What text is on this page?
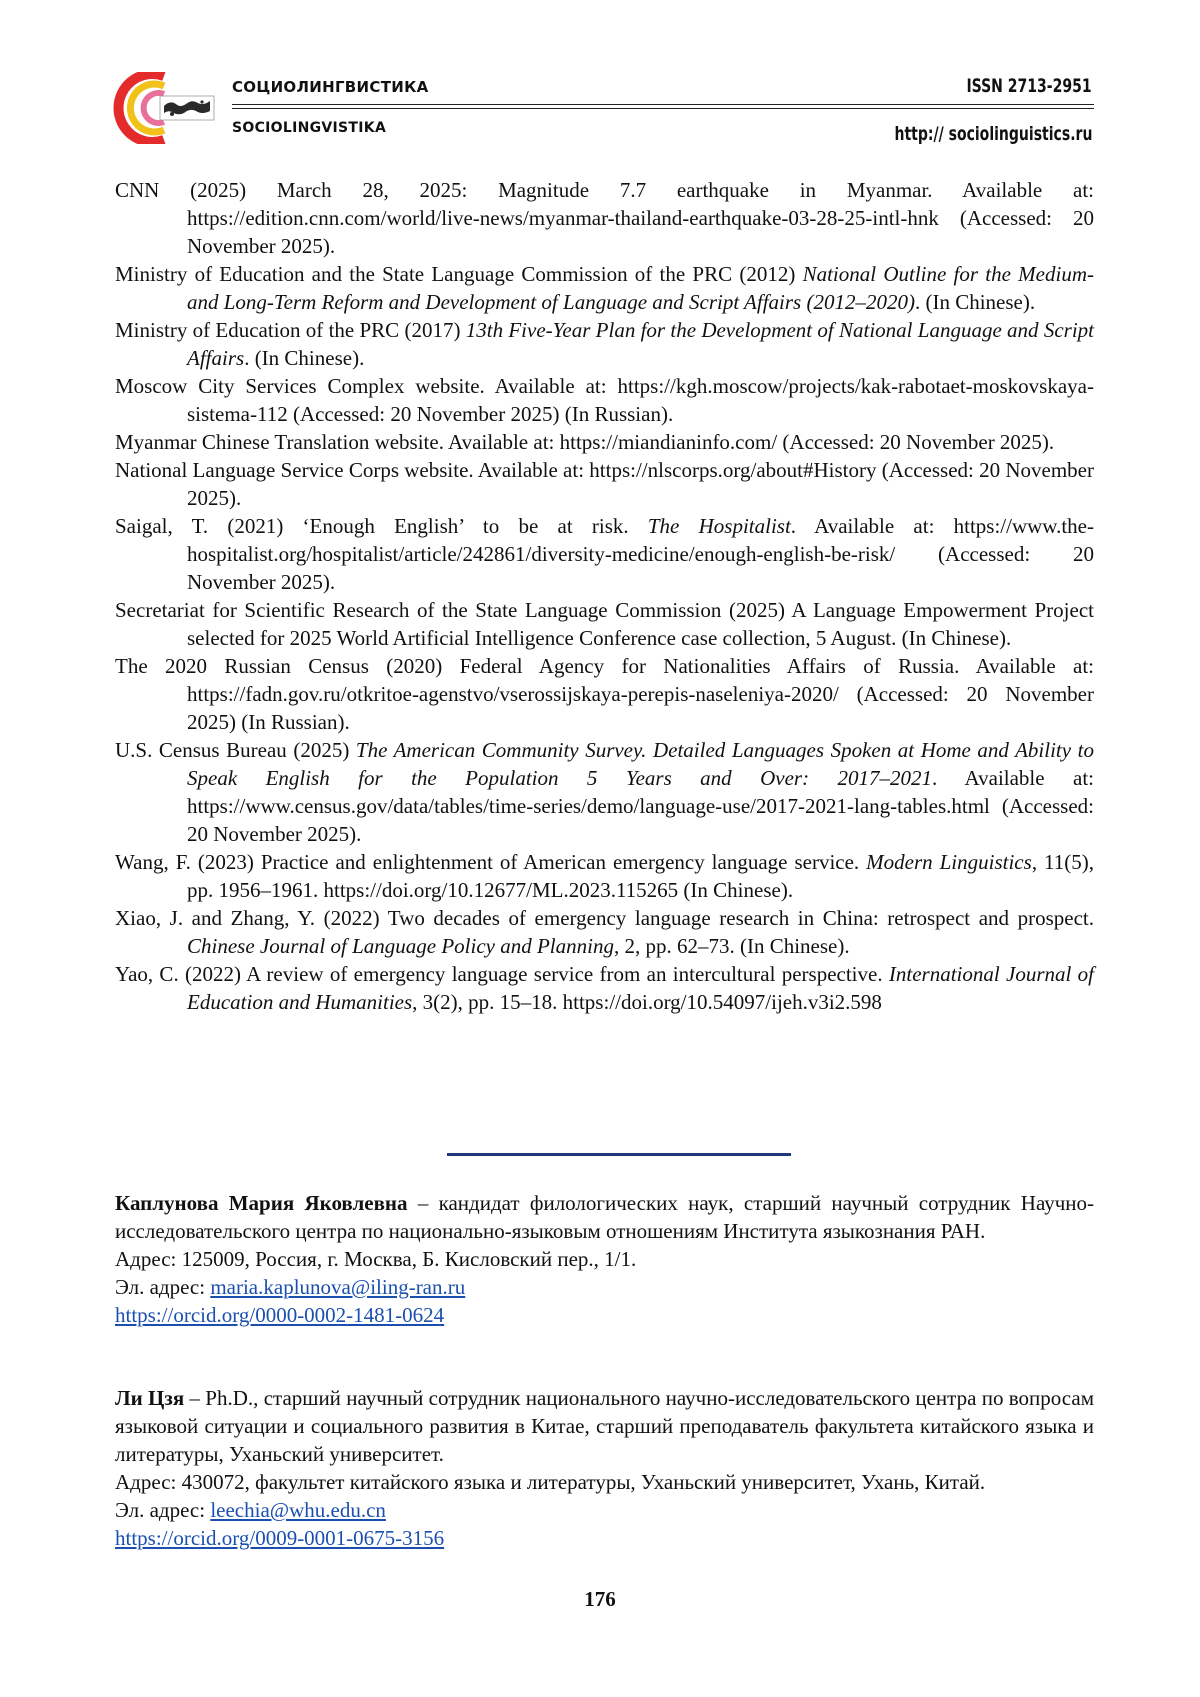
СОЦИОЛИНГВИСТИКА
SOCIOLINGVISTIKA
ISSN 2713-2951
http:// sociolinguistics.ru
CNN (2025) March 28, 2025: Magnitude 7.7 earthquake in Myanmar. Available at: https://edition.cnn.com/world/live-news/myanmar-thailand-earthquake-03-28-25-intl-hnk (Accessed: 20 November 2025).
Ministry of Education and the State Language Commission of the PRC (2012) National Outline for the Medium- and Long-Term Reform and Development of Language and Script Affairs (2012–2020). (In Chinese).
Ministry of Education of the PRC (2017) 13th Five-Year Plan for the Development of National Language and Script Affairs. (In Chinese).
Moscow City Services Complex website. Available at: https://kgh.moscow/projects/kak-rabotaet-moskovskaya-sistema-112 (Accessed: 20 November 2025) (In Russian).
Myanmar Chinese Translation website. Available at: https://miandianinfo.com/ (Accessed: 20 November 2025).
National Language Service Corps website. Available at: https://nlscorps.org/about#History (Accessed: 20 November 2025).
Saigal, T. (2021) ‘Enough English’ to be at risk. The Hospitalist. Available at: https://www.the-hospitalist.org/hospitalist/article/242861/diversity-medicine/enough-english-be-risk/ (Accessed: 20 November 2025).
Secretariat for Scientific Research of the State Language Commission (2025) A Language Empowerment Project selected for 2025 World Artificial Intelligence Conference case collection, 5 August. (In Chinese).
The 2020 Russian Census (2020) Federal Agency for Nationalities Affairs of Russia. Available at: https://fadn.gov.ru/otkritoe-agenstvo/vserossijskaya-perepis-naseleniya-2020/ (Accessed: 20 November 2025) (In Russian).
U.S. Census Bureau (2025) The American Community Survey. Detailed Languages Spoken at Home and Ability to Speak English for the Population 5 Years and Over: 2017–2021. Available at: https://www.census.gov/data/tables/time-series/demo/language-use/2017-2021-lang-tables.html (Accessed: 20 November 2025).
Wang, F. (2023) Practice and enlightenment of American emergency language service. Modern Linguistics, 11(5), pp. 1956–1961. https://doi.org/10.12677/ML.2023.115265 (In Chinese).
Xiao, J. and Zhang, Y. (2022) Two decades of emergency language research in China: retrospect and prospect. Chinese Journal of Language Policy and Planning, 2, pp. 62–73. (In Chinese).
Yao, C. (2022) A review of emergency language service from an intercultural perspective. International Journal of Education and Humanities, 3(2), pp. 15–18. https://doi.org/10.54097/ijeh.v3i2.598

Каплунова Мария Яковлевна – кандидат филологических наук, старший научный сотрудник Научно-исследовательского центра по национально-языковым отношениям Института языкознания РАН.

Адрес: 125009, Россия, г. Москва, Б. Кисловский пер., 1/1.

Эл. адрес: maria.kaplunova@iling-ran.ru

https://orcid.org/0000-0002-1481-0624

Ли Цзя – Ph.D., старший научный сотрудник национального научно-исследовательского центра по вопросам языковой ситуации и социального развития в Китае, старший преподаватель факультета китайского языка и литературы, Уханьский университет.

Адрес: 430072, факультет китайского языка и литературы, Уханьский университет, Ухань, Китай.

Эл. адрес: leechia@whu.edu.cn

https://orcid.org/0009-0001-0675-3156

176
